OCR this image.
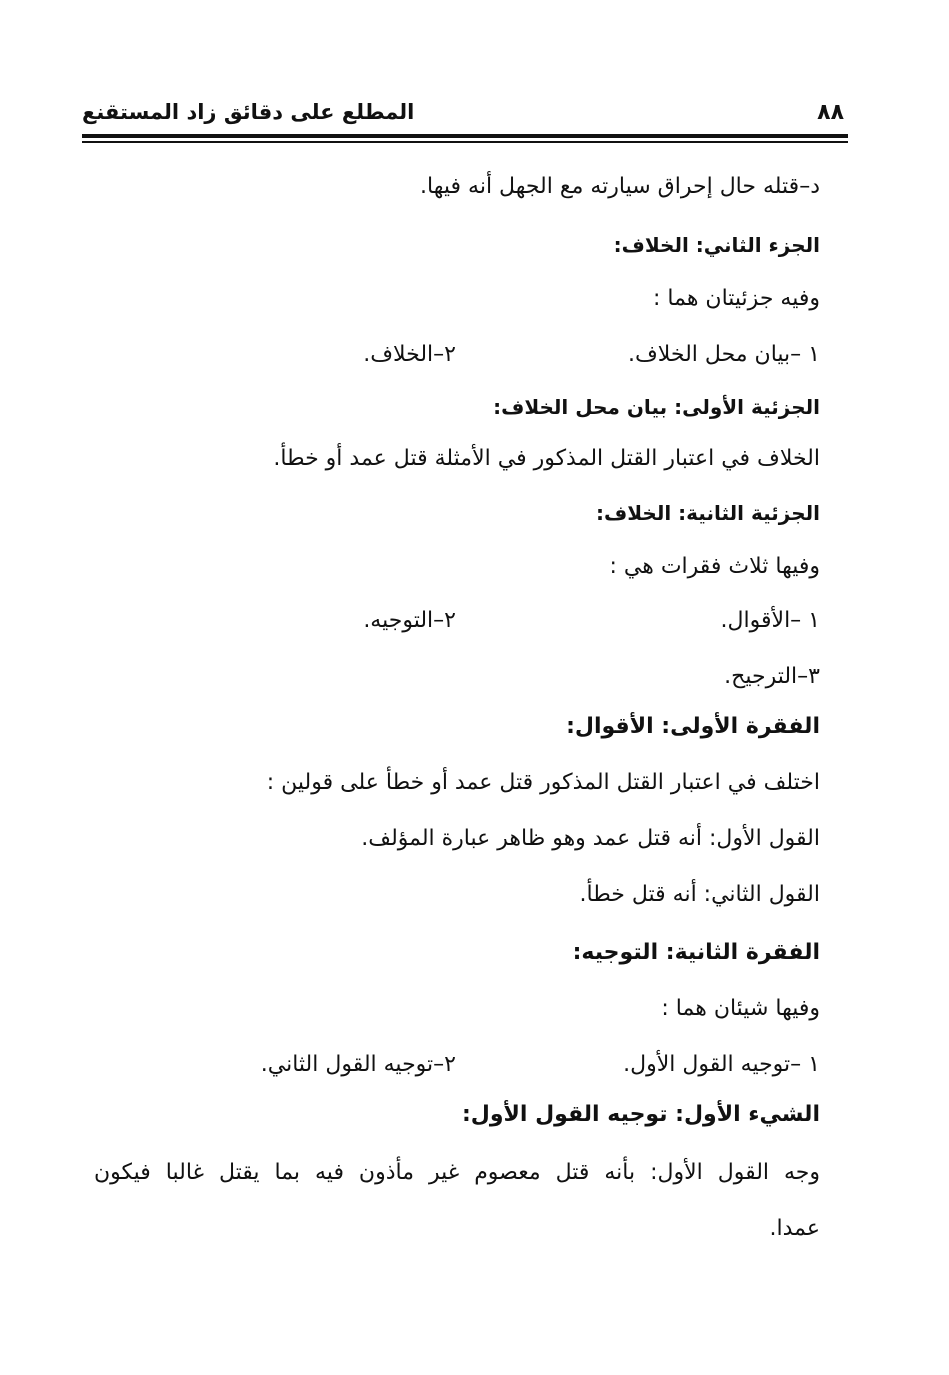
٨٨
المطلع على دقائق زاد المستقنع
د–قتله حال إحراق سيارته مع الجهل أنه فيها.
الجزء الثاني: الخلاف:
وفيه جزئيتان هما :
١ –بيان محل الخلاف.
٢–الخلاف.
الجزئية الأولى: بيان محل الخلاف:
الخلاف في اعتبار القتل المذكور في الأمثلة قتل عمد أو خطأ.
الجزئية الثانية: الخلاف:
وفيها ثلاث فقرات هي :
١ –الأقوال.
٢–التوجيه.
٣–الترجيح.
الفقرة الأولى: الأقوال:
اختلف في اعتبار القتل المذكور قتل عمد أو خطأ على قولين :
القول الأول: أنه قتل عمد وهو ظاهر عبارة المؤلف.
القول الثاني: أنه قتل خطأ.
الفقرة الثانية: التوجيه:
وفيها شيئان هما :
١ –توجيه القول الأول.
٢–توجيه القول الثاني.
الشيء الأول: توجيه القول الأول:
وجه القول الأول: بأنه قتل معصوم غير مأذون فيه بما يقتل غالبا فيكون
عمدا.
